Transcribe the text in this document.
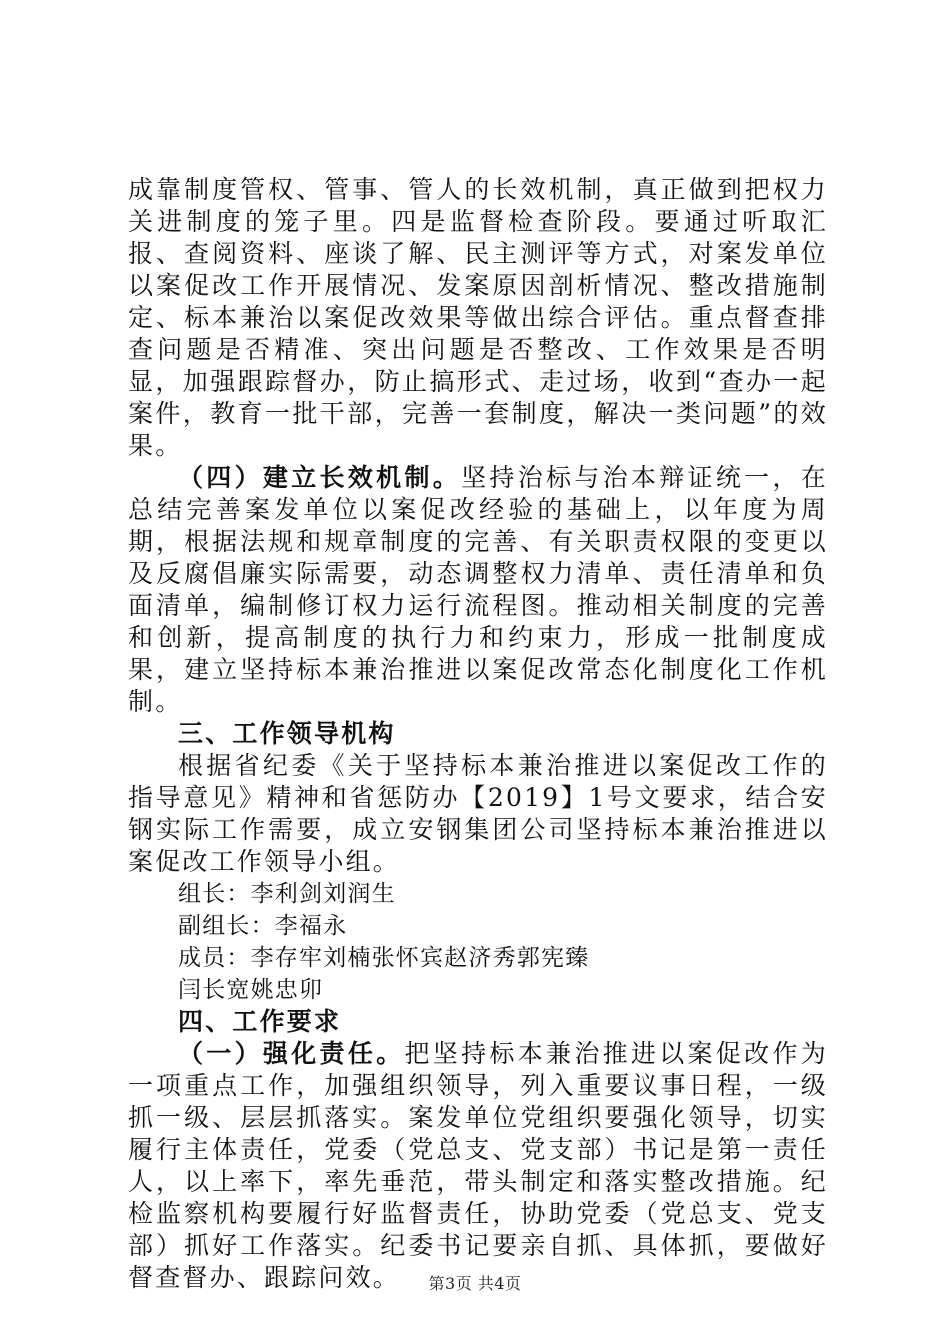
成靠制度管权、管事、管人的长效机制，真正做到把权力关进制度的笼子里。四是监督检查阶段。要通过听取汇报、查阅资料、座谈了解、民主测评等方式，对案发单位以案促改工作开展情况、发案原因剖析情况、整改措施制定、标本兼治以案促改效果等做出综合评估。重点督查排查问题是否精准、突出问题是否整改、工作效果是否明显，加强跟踪督办，防止搞形式、走过场，收到“查办一起案件，教育一批干部，完善一套制度，解决一类问题”的效果。

（四）建立长效机制。坚持治标与治本辩证统一，在总结完善案发单位以案促改经验的基础上，以年度为周期，根据法规和规章制度的完善、有关职责权限的变更以及反腐倡廉实际需要，动态调整权力清单、责任清单和负面清单，编制修订权力运行流程图。推动相关制度的完善和创新，提高制度的执行力和约束力，形成一批制度成果，建立坚持标本兼治推进以案促改常态化制度化工作机制。

三、工作领导机构

根据省纪委《关于坚持标本兼治推进以案促改工作的指导意见》精神和省惩防办【2019】1号文要求，结合安钢实际工作需要，成立安钢集团公司坚持标本兼治推进以案促改工作领导小组。

组长：李利剑刘润生

副组长：李福永

成员：李存牢刘楠张怀宾赵济秀郭宪臻

闫长宽姚忠卯

四、工作要求

（一）强化责任。把坚持标本兼治推进以案促改作为一项重点工作，加强组织领导，列入重要议事日程，一级抓一级、层层抓落实。案发单位党组织要强化领导，切实履行主体责任，党委（党总支、党支部）书记是第一责任人，以上率下，率先垂范，带头制定和落实整改措施。纪检监察机构要履行好监督责任，协助党委（党总支、党支部）抓好工作落实。纪委书记要亲自抓、具体抓，要做好督查督办、跟踪问效。	第3页 共4页
